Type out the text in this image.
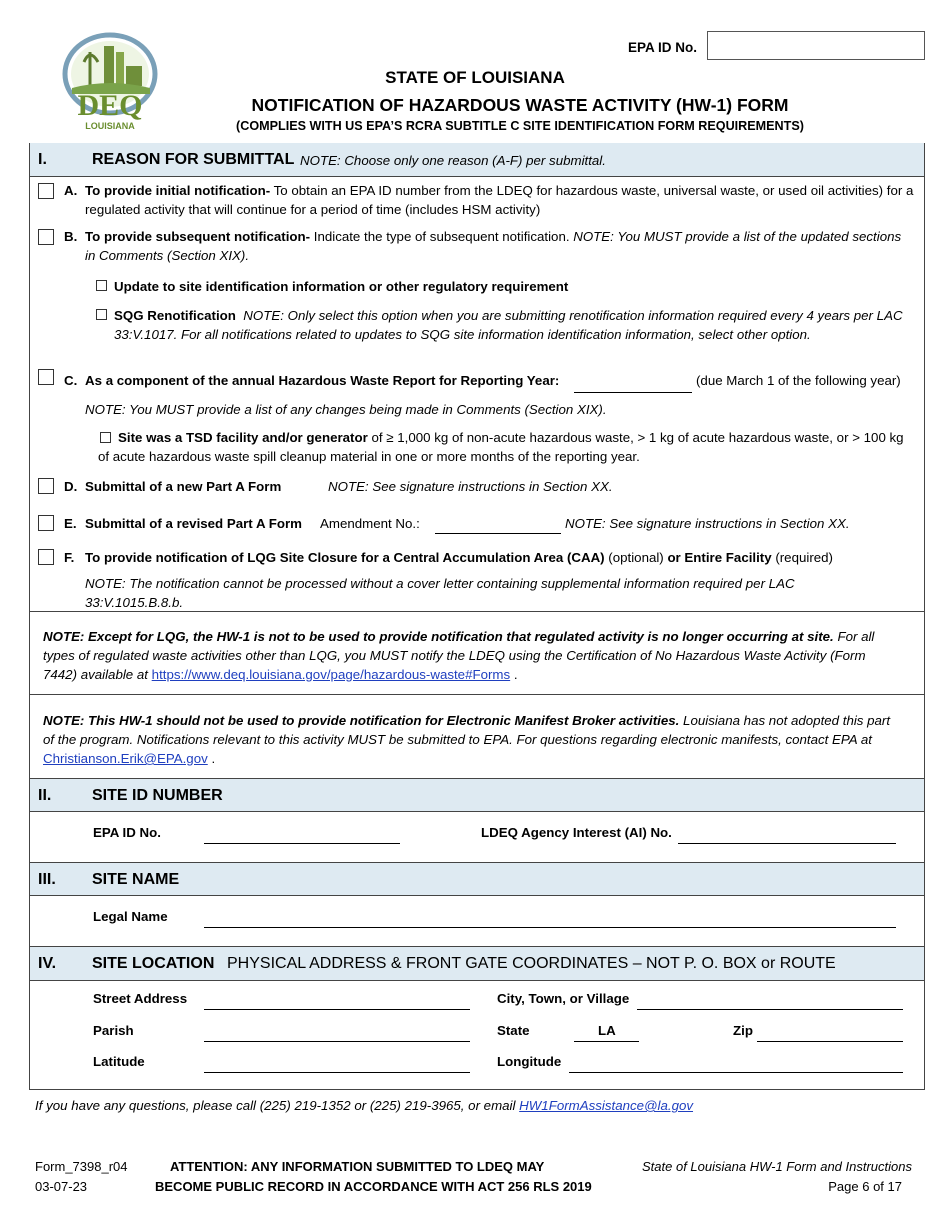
DEQ
LOUISIANA
EPA ID No.
STATE OF LOUISIANA
NOTIFICATION OF HAZARDOUS WASTE ACTIVITY (HW-1) FORM
(COMPLIES WITH US EPA’S RCRA SUBTITLE C SITE IDENTIFICATION FORM REQUIREMENTS)
I.	REASON FOR SUBMITTAL NOTE: Choose only one reason (A-F) per submittal.
A. To provide initial notification- To obtain an EPA ID number from the LDEQ for hazardous waste, universal waste, or used oil activities) for a regulated activity that will continue for a period of time (includes HSM activity)
B. To provide subsequent notification- Indicate the type of subsequent notification. NOTE: You MUST provide a list of the updated sections in Comments (Section XIX).
Update to site identification information or other regulatory requirement
SQG Renotification NOTE: Only select this option when you are submitting renotification information required every 4 years per LAC 33:V.1017. For all notifications related to updates to SQG site information identification information, select other option.
C. As a component of the annual Hazardous Waste Report for Reporting Year:	(due March 1 of the following year)
NOTE: You MUST provide a list of any changes being made in Comments (Section XIX).
Site was a TSD facility and/or generator of ≥ 1,000 kg of non-acute hazardous waste, > 1 kg of acute hazardous waste, or > 100 kg of acute hazardous waste spill cleanup material in one or more months of the reporting year.
D. Submittal of a new Part A Form	NOTE: See signature instructions in Section XX.
E. Submittal of a revised Part A Form Amendment No.:	NOTE: See signature instructions in Section XX.
F. To provide notification of LQG Site Closure for a Central Accumulation Area (CAA) (optional) or Entire Facility (required)
NOTE: The notification cannot be processed without a cover letter containing supplemental information required per LAC 33:V.1015.B.8.b.
NOTE: Except for LQG, the HW-1 is not to be used to provide notification that regulated activity is no longer occurring at site. For all types of regulated waste activities other than LQG, you MUST notify the LDEQ using the Certification of No Hazardous Waste Activity (Form 7442) available at https://www.deq.louisiana.gov/page/hazardous-waste#Forms .
NOTE: This HW-1 should not be used to provide notification for Electronic Manifest Broker activities. Louisiana has not adopted this part of the program. Notifications relevant to this activity MUST be submitted to EPA. For questions regarding electronic manifests, contact EPA at Christianson.Erik@EPA.gov .
II.	SITE ID NUMBER
EPA ID No.	LDEQ Agency Interest (AI) No.
III. SITE NAME
Legal Name
IV. SITE LOCATION PHYSICAL ADDRESS & FRONT GATE COORDINATES – NOT P. O. BOX or ROUTE
Street Address	City, Town, or Village
Parish	State	LA	Zip
Latitude	Longitude
If you have any questions, please call (225) 219-1352 or (225) 219-3965, or email HW1FormAssistance@la.gov
Form_7398_r04
03-07-23
ATTENTION: ANY INFORMATION SUBMITTED TO LDEQ MAY
BECOME PUBLIC RECORD IN ACCORDANCE WITH ACT 256 RLS 2019
State of Louisiana HW-1 Form and Instructions
Page 6 of 17
